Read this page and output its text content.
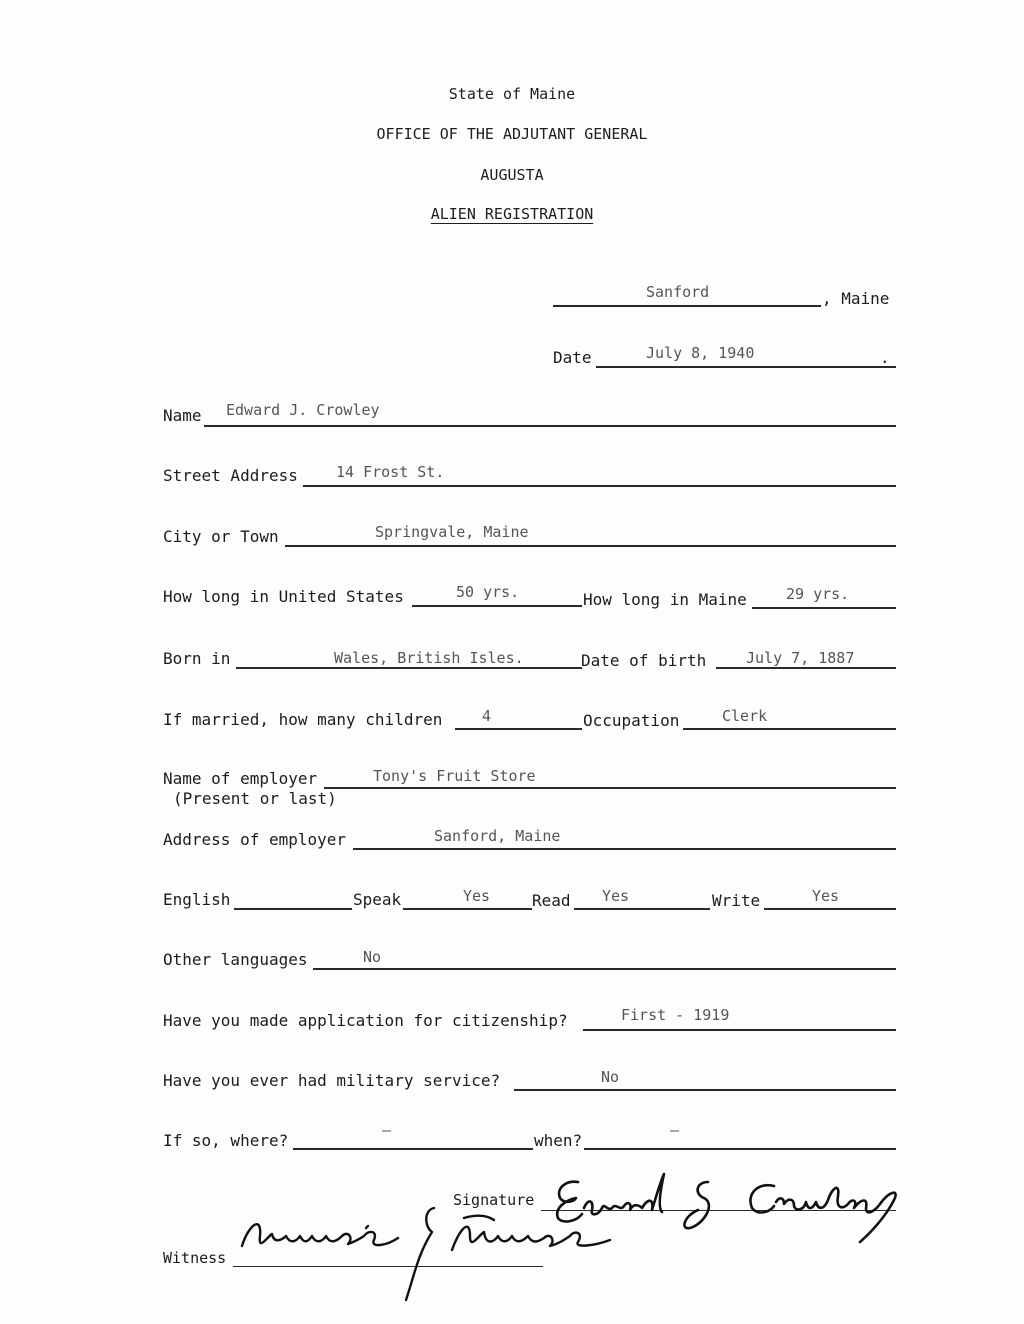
State of Maine
OFFICE OF THE ADJUTANT GENERAL
AUGUSTA
ALIEN REGISTRATION
Sanford	, Maine
Date	July 8, 1940	.
Name Edward J. Crowley
Street Address	14 Frost St.
City or Town	Springvale, Maine
How long in United States	50 yrs.	How long in Maine	29 yrs.
Born in	Wales, British Isles.	Date of birth	July 7, 1887
If married, how many children	4	Occupation	Clerk
Name of employer
(Present or last)
Tony's Fruit Store
Address of employer	Sanford, Maine
English	Speak	Yes	Read Yes	Write	Yes
Other languages	No
Have you made application for citizenship?	First - 1919
Have you ever had military service?	No
If so, where?
—
when?
—
Signature
Witness
